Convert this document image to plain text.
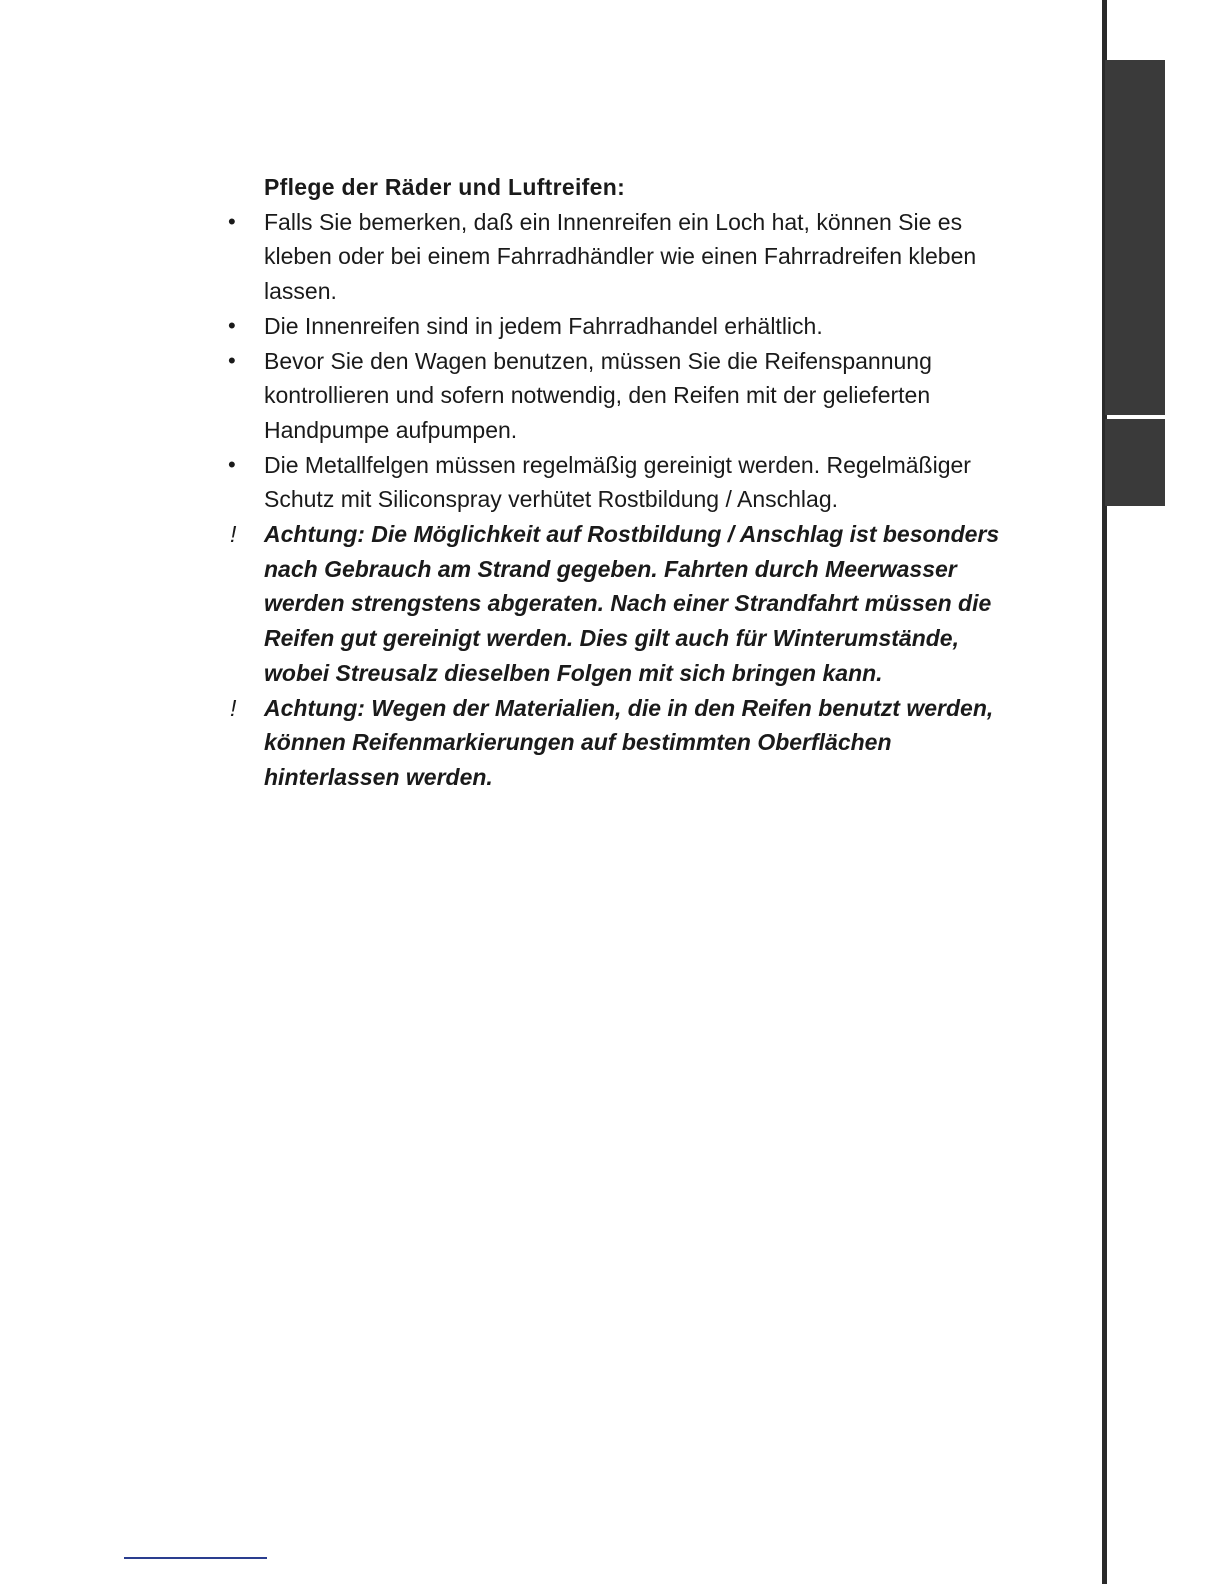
Pflege der Räder und Luftreifen:
•	Falls Sie bemerken, daß ein Innenreifen ein Loch hat, können Sie es kleben oder bei einem Fahrradhändler wie einen Fahrradreifen kleben lassen.
•	Die Innenreifen sind in jedem Fahrradhandel erhältlich.
•	Bevor Sie den Wagen benutzen, müssen Sie die Reifenspannung kontrollieren und sofern notwendig, den Reifen mit der gelieferten Handpumpe aufpumpen.
•	Die Metallfelgen müssen regelmäßig gereinigt werden. Regelmäßiger Schutz mit Siliconspray verhütet Rostbildung / Anschlag.
!	Achtung: Die Möglichkeit auf Rostbildung / Anschlag ist besonders nach Gebrauch am Strand gegeben. Fahrten durch Meerwasser werden strengstens abgeraten. Nach einer Strandfahrt müssen die Reifen gut gereinigt werden. Dies gilt auch für Winterumstände, wobei Streusalz dieselben Folgen mit sich bringen kann.
!	Achtung: Wegen der Materialien, die in den Reifen benutzt werden, können Reifenmarkierungen auf bestimmten Oberflächen hinterlassen werden.
